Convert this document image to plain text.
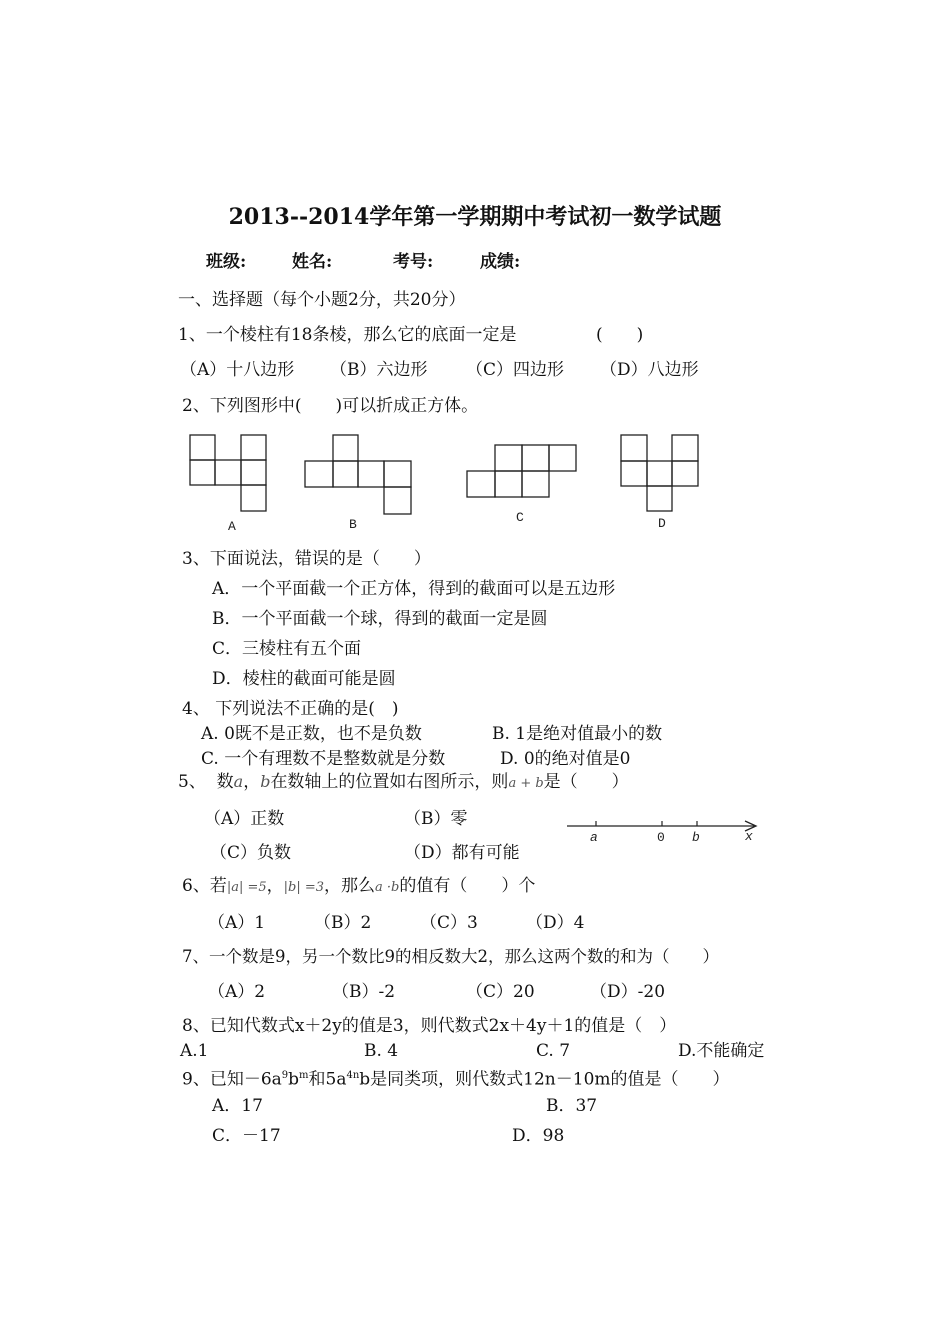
2013--2014学年第一学期期中考试初一数学试题
班级:	姓名:	考号:	成绩:
一、选择题（每个小题2分，共20分）
1、一个棱柱有18条棱，那么它的底面一定是	(　　)
（A）十八边形 （B）六边形 （C）四边形 （D）八边形
2、下列图形中(　　)可以折成正方体。
A	B	C	D
3、下面说法，错误的是（　　）
A．一个平面截一个正方体，得到的截面可以是五边形
B．一个平面截一个球，得到的截面一定是圆
C．三棱柱有五个面
D．棱柱的截面可能是圆
4、 下列说法不正确的是(　)
A. 0既不是正数，也不是负数	B. 1是绝对值最小的数
C. 一个有理数不是整数就是分数	D. 0的绝对值是0
5、 数a，b在数轴上的位置如右图所示，则a + b是（　　）
（A）正数	（B）零
（C）负数	（D）都有可能
a	0 b	x
6、若|a| =5，|b| =3，那么a ·b的值有（　　）个
（A）1	（B）2	（C）3	（D）4
7、一个数是9，另一个数比9的相反数大2，那么这两个数的和为（　　）
（A）2	（B）-2	（C）20	（D）-20
8、已知代数式x＋2y的值是3，则代数式2x＋4y＋1的值是（　）
A.1	B. 4	C. 7	D.不能确定
9、已知$-6a^9b^m$和$5a^{4n}b$是同类项，则代数式12n－10m的值是（　　）
A．17	B．37
C．－17	D．98
